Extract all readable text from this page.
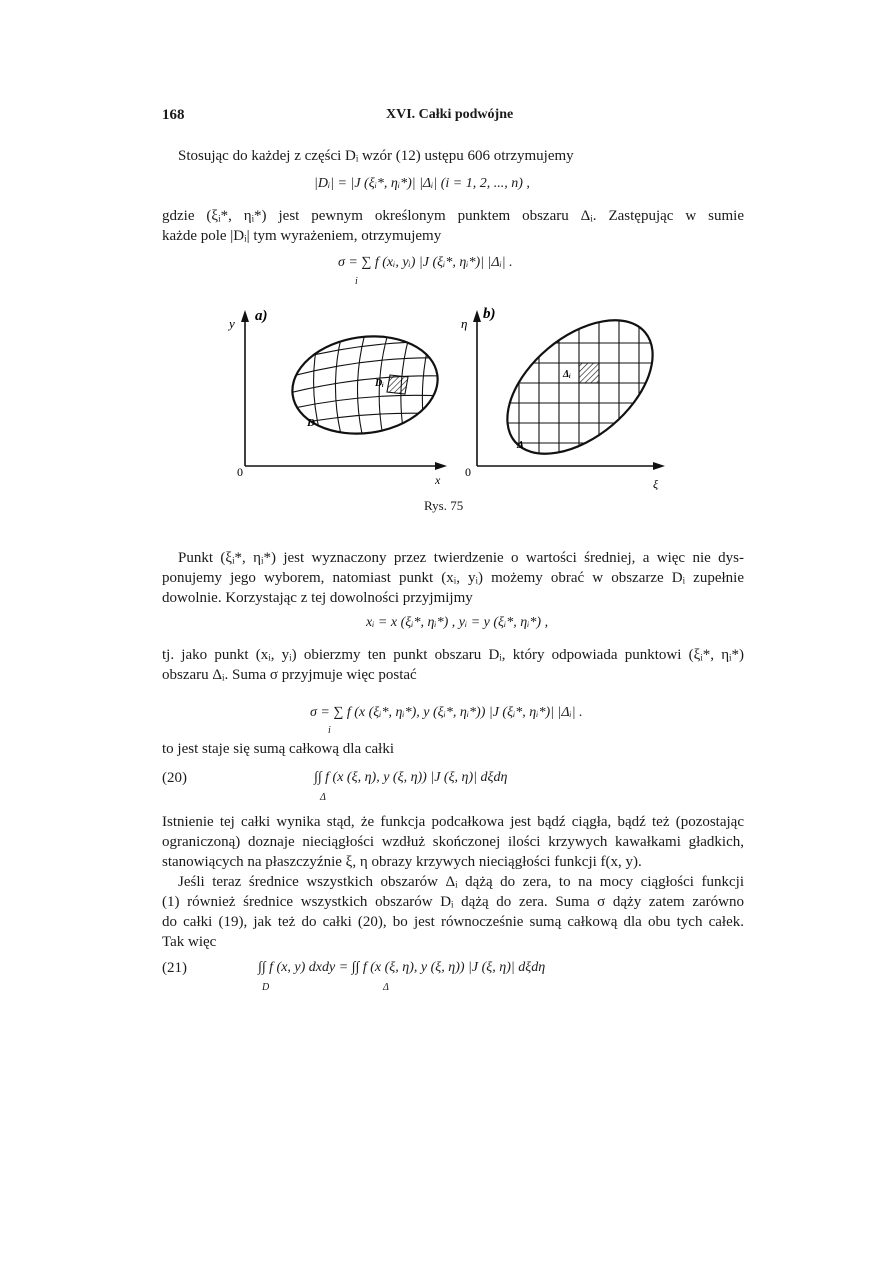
168	XVI. Całki podwójne
Stosując do każdej z części Dᵢ wzór (12) ustępu 606 otrzymujemy
|Dᵢ| = |J (ξᵢ*, ηᵢ*)| |Δᵢ| (i = 1, 2, ..., n) ,

gdzie (ξᵢ*, ηᵢ*) jest pewnym określonym punktem obszaru Δᵢ. Zastępując w sumie

każde pole |Dᵢ| tym wyrażeniem, otrzymujemy

σ = ∑ f (xᵢ, yᵢ) |J (ξᵢ*, ηᵢ*)| |Δᵢ| .
i
y a)
0
x
Dᵢ
D
η
b)
0
ξ
Δᵢ
Δ
Rys. 75

Punkt (ξᵢ*, ηᵢ*) jest wyznaczony przez twierdzenie o wartości średniej, a więc nie dys-

ponujemy jego wyborem, natomiast punkt (xᵢ, yᵢ) możemy obrać w obszarze Dᵢ zupełnie

dowolnie. Korzystając z tej dowolności przyjmijmy

xᵢ = x (ξᵢ*, ηᵢ*) , yᵢ = y (ξᵢ*, ηᵢ*) ,

tj. jako punkt (xᵢ, yᵢ) obierzmy ten punkt obszaru Dᵢ, który odpowiada punktowi (ξᵢ*, ηᵢ*)

obszaru Δᵢ. Suma σ przyjmuje więc postać

σ = ∑ f (x (ξᵢ*, ηᵢ*), y (ξᵢ*, ηᵢ*)) |J (ξᵢ*, ηᵢ*)| |Δᵢ| .
i
to jest staje się sumą całkową dla całki
(20)	∫∫ f (x (ξ, η), y (ξ, η)) |J (ξ, η)| dξdη
Δ

Istnienie tej całki wynika stąd, że funkcja podcałkowa jest bądź ciągła, bądź też (pozostając

ograniczoną) doznaje nieciągłości wzdłuż skończonej ilości krzywych kawałkami gładkich,

stanowiących na płaszczyźnie ξ, η obrazy krzywych nieciągłości funkcji f(x, y).

Jeśli teraz średnice wszystkich obszarów Δᵢ dążą do zera, to na mocy ciągłości funkcji

(1) również średnice wszystkich obszarów Dᵢ dążą do zera. Suma σ dąży zatem zarówno

do całki (19), jak też do całki (20), bo jest równocześnie sumą całkową dla obu tych całek.

Tak więc

(21)	∫∫ f (x, y) dxdy = ∫∫ f (x (ξ, η), y (ξ, η)) |J (ξ, η)| dξdη
D	Δ
